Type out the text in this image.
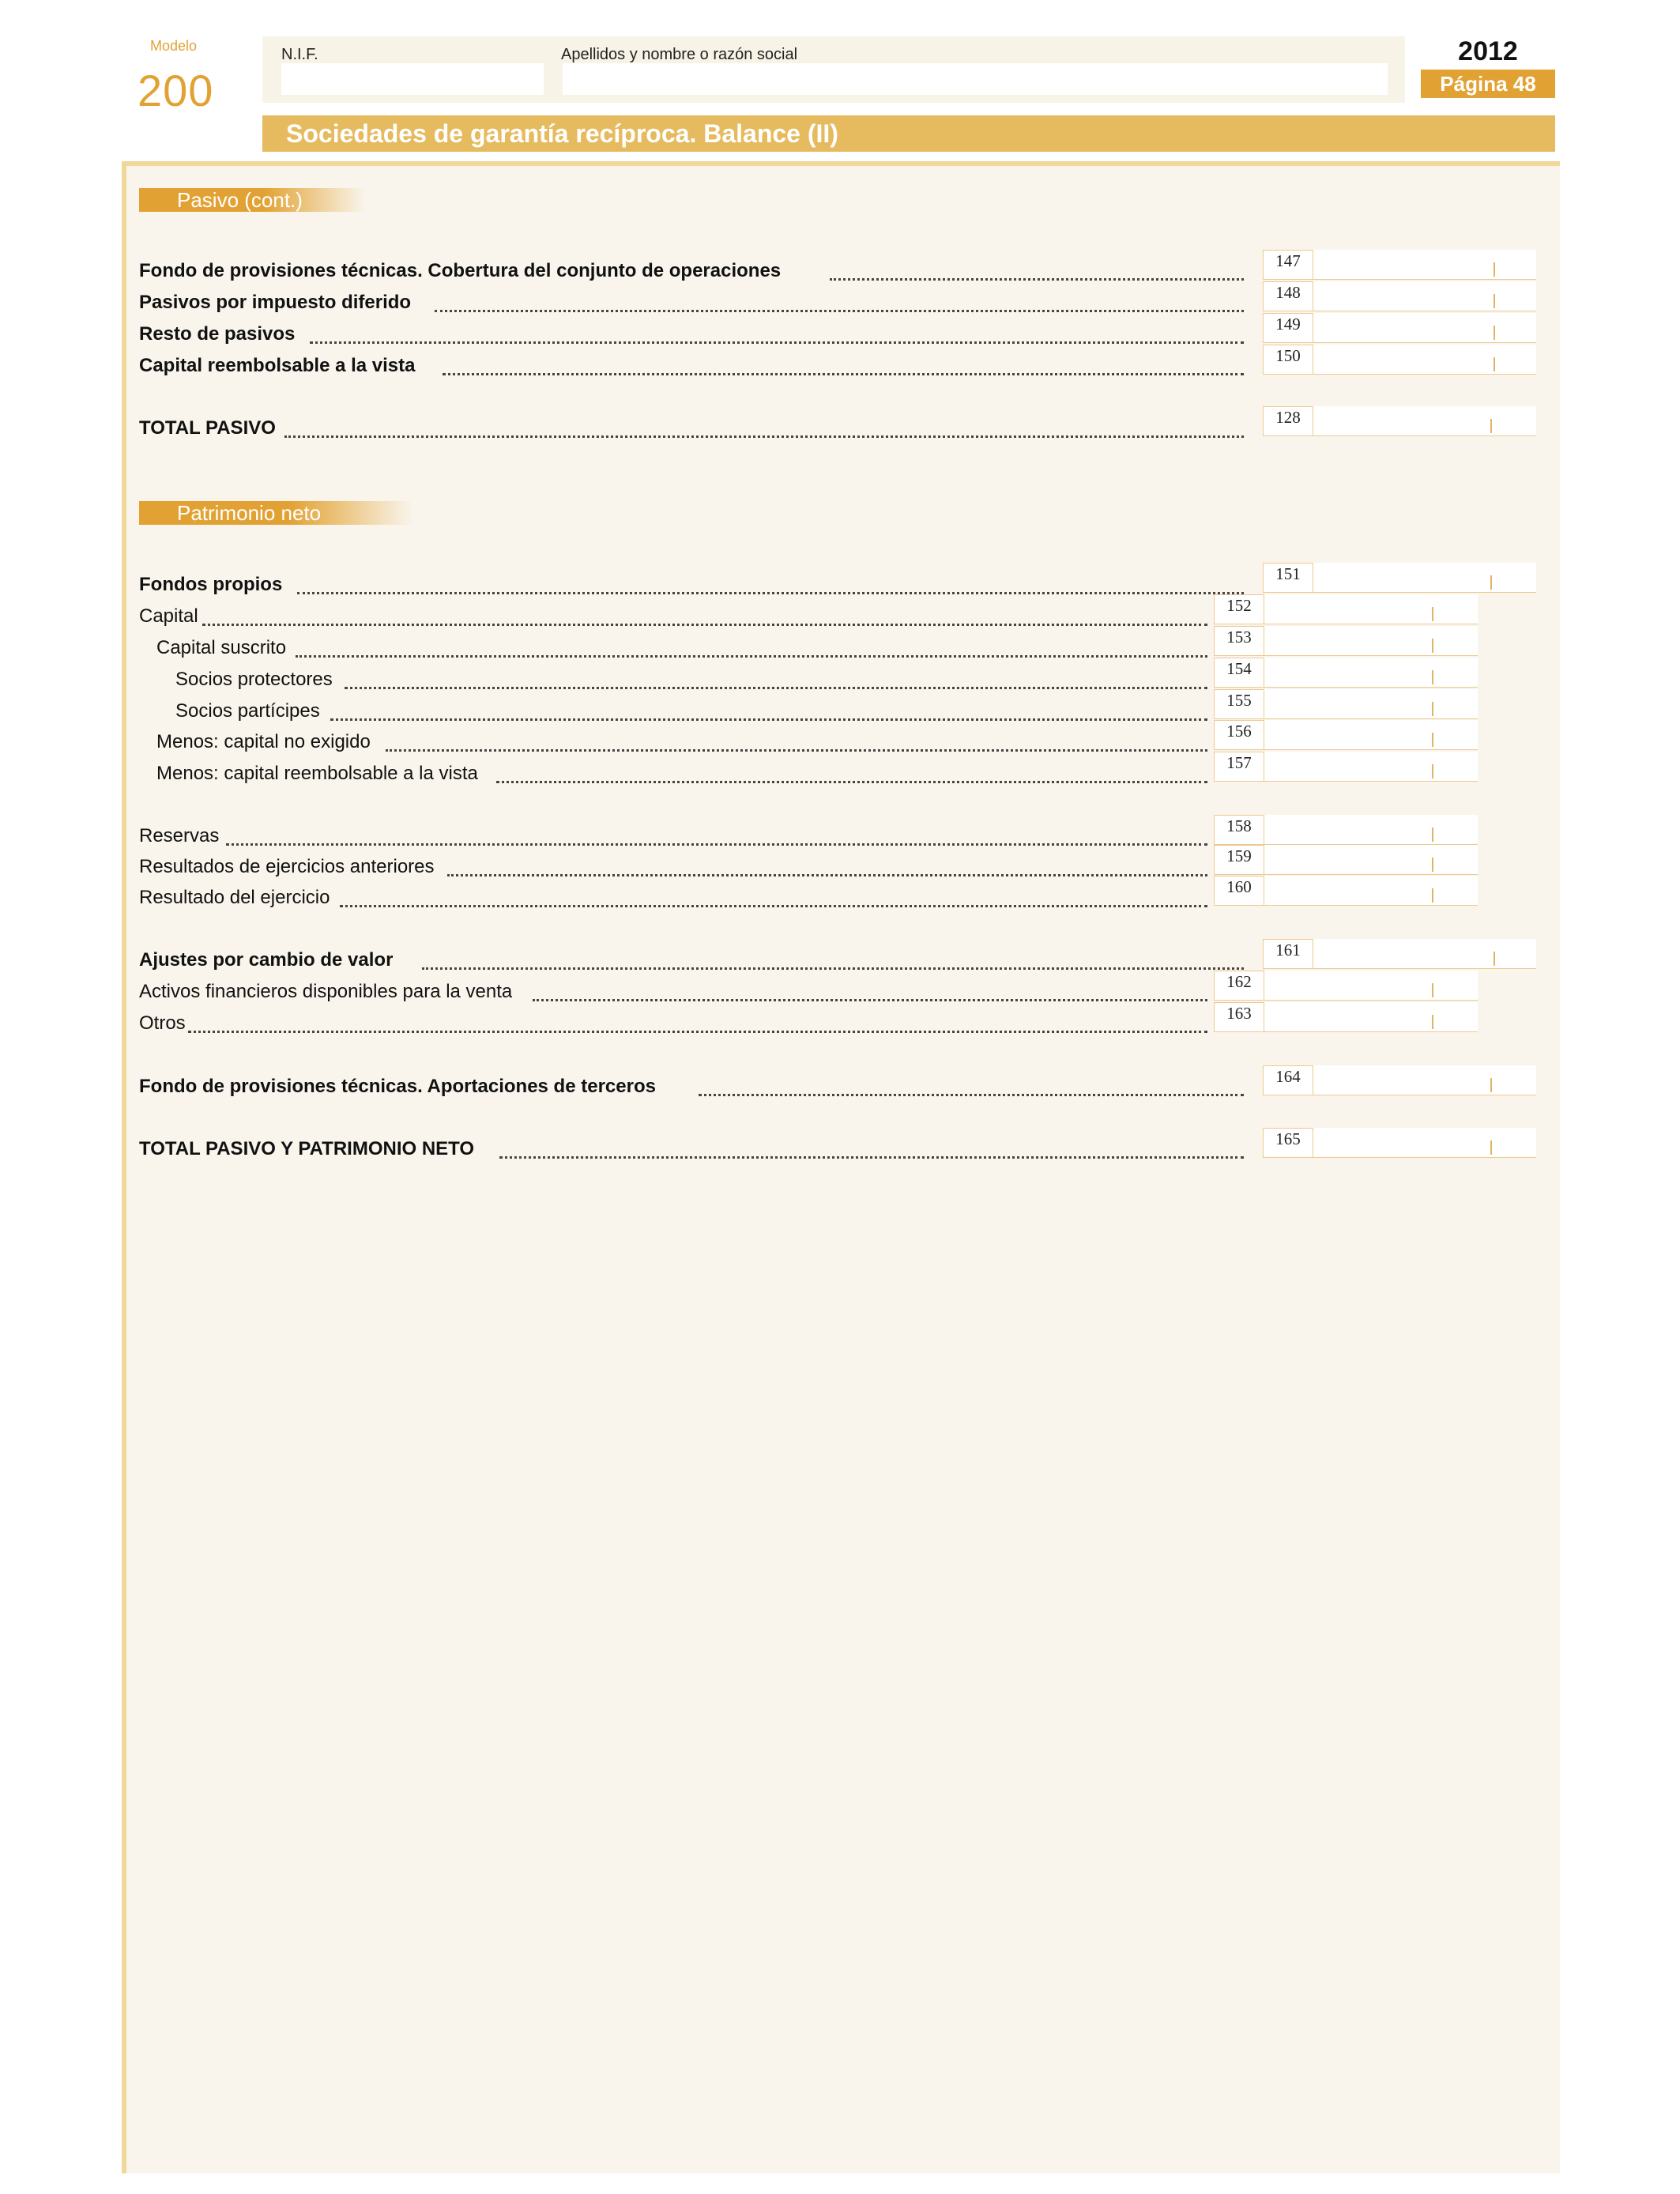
Modelo
200
N.I.F.	Apellidos y nombre o razón social	2012
Página 48
Sociedades de garantía recíproca. Balance (II)
Pasivo (cont.)
Patrimonio neto
Fondo de provisiones técnicas. Cobertura del conjunto de operaciones	147
Pasivos por impuesto diferido	148
Resto de pasivos	149
Capital reembolsable a la vista	150
TOTAL PASIVO	128
Fondos propios	151
Capital	152
Capital suscrito	153
Socios protectores	154
Socios partícipes	155
Menos: capital no exigido	156
Menos: capital reembolsable a la vista	157
Reservas	158
Resultados de ejercicios anteriores	159
Resultado del ejercicio	160
Ajustes por cambio de valor	161
Activos financieros disponibles para la venta	162
Otros	163
Fondo de provisiones técnicas. Aportaciones de terceros	164
TOTAL PASIVO Y PATRIMONIO NETO	165
